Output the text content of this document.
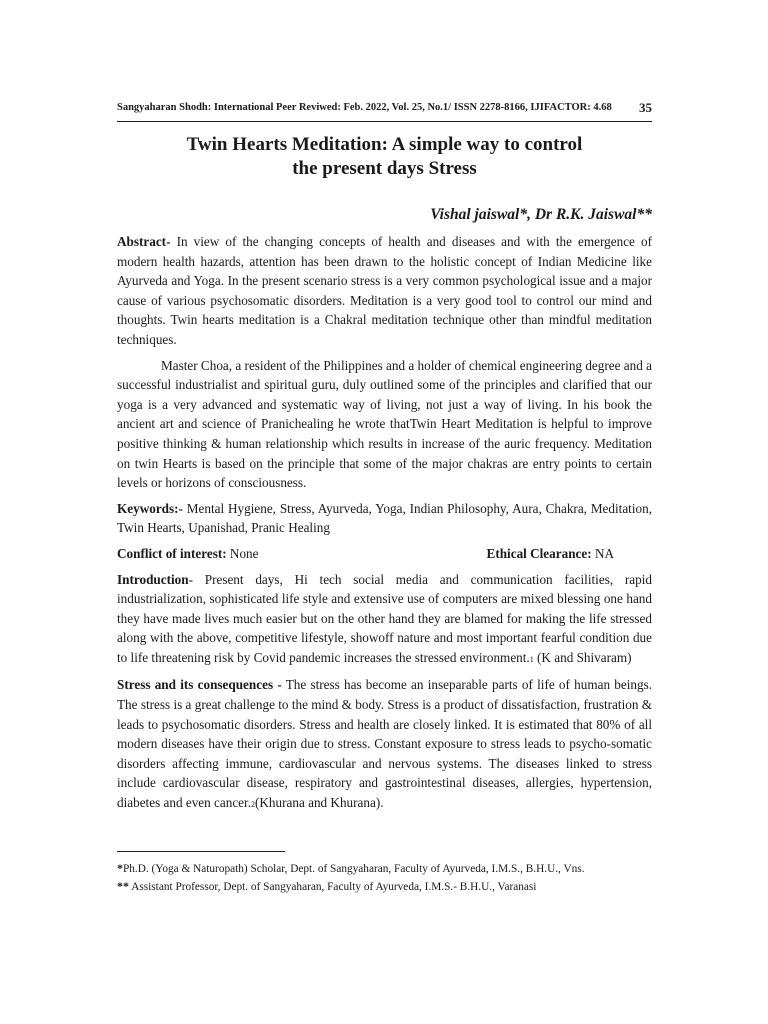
Sangyaharan Shodh: International Peer Reviwed: Feb. 2022, Vol. 25, No.1/ ISSN 2278-8166, IJIFACTOR: 4.68 35
Twin Hearts Meditation: A simple way to control
the present days Stress
Vishal jaiswal*, Dr R.K. Jaiswal**

Abstract- In view of the changing concepts of health and diseases and with the emergence of modern health hazards, attention has been drawn to the holistic concept of Indian Medicine like Ayurveda and Yoga. In the present scenario stress is a very common psychological issue and a major cause of various psychosomatic disorders. Meditation is a very good tool to control our mind and thoughts. Twin hearts meditation is a Chakral meditation technique other than mindful meditation techniques.

Master Choa, a resident of the Philippines and a holder of chemical engineering degree and a successful industrialist and spiritual guru, duly outlined some of the principles and clarified that our yoga is a very advanced and systematic way of living, not just a way of living. In his book the ancient art and science of Pranichealing he wrote thatTwin Heart Meditation is helpful to improve positive thinking & human relationship which results in increase of the auric frequency. Meditation on twin Hearts is based on the principle that some of the major chakras are entry points to certain levels or horizons of consciousness.

Keywords:- Mental Hygiene, Stress, Ayurveda, Yoga, Indian Philosophy, Aura, Chakra, Meditation, Twin Hearts, Upanishad, Pranic Healing

Conflict of interest: None	Ethical Clearance: NA

Introduction- Present days, Hi tech social media and communication facilities, rapid industrialization, sophisticated life style and extensive use of computers are mixed blessing one hand they have made lives much easier but on the other hand they are blamed for making the life stressed along with the above, competitive lifestyle, showoff nature and most important fearful condition due to life threatening risk by Covid pandemic increases the stressed environment.1 (K and Shivaram)

Stress and its consequences - The stress has become an inseparable parts of life of human beings. The stress is a great challenge to the mind & body. Stress is a product of dissatisfaction, frustration & leads to psychosomatic disorders. Stress and health are closely linked. It is estimated that 80% of all modern diseases have their origin due to stress. Constant exposure to stress leads to psycho-somatic disorders affecting immune, cardiovascular and nervous systems. The diseases linked to stress include cardiovascular disease, respiratory and gastrointestinal diseases, allergies, hypertension, diabetes and even cancer.2(Khurana and Khurana).

*Ph.D. (Yoga & Naturopath) Scholar, Dept. of Sangyaharan, Faculty of Ayurveda, I.M.S., B.H.U., Vns.
** Assistant Professor, Dept. of Sangyaharan, Faculty of Ayurveda, I.M.S.- B.H.U., Varanasi
